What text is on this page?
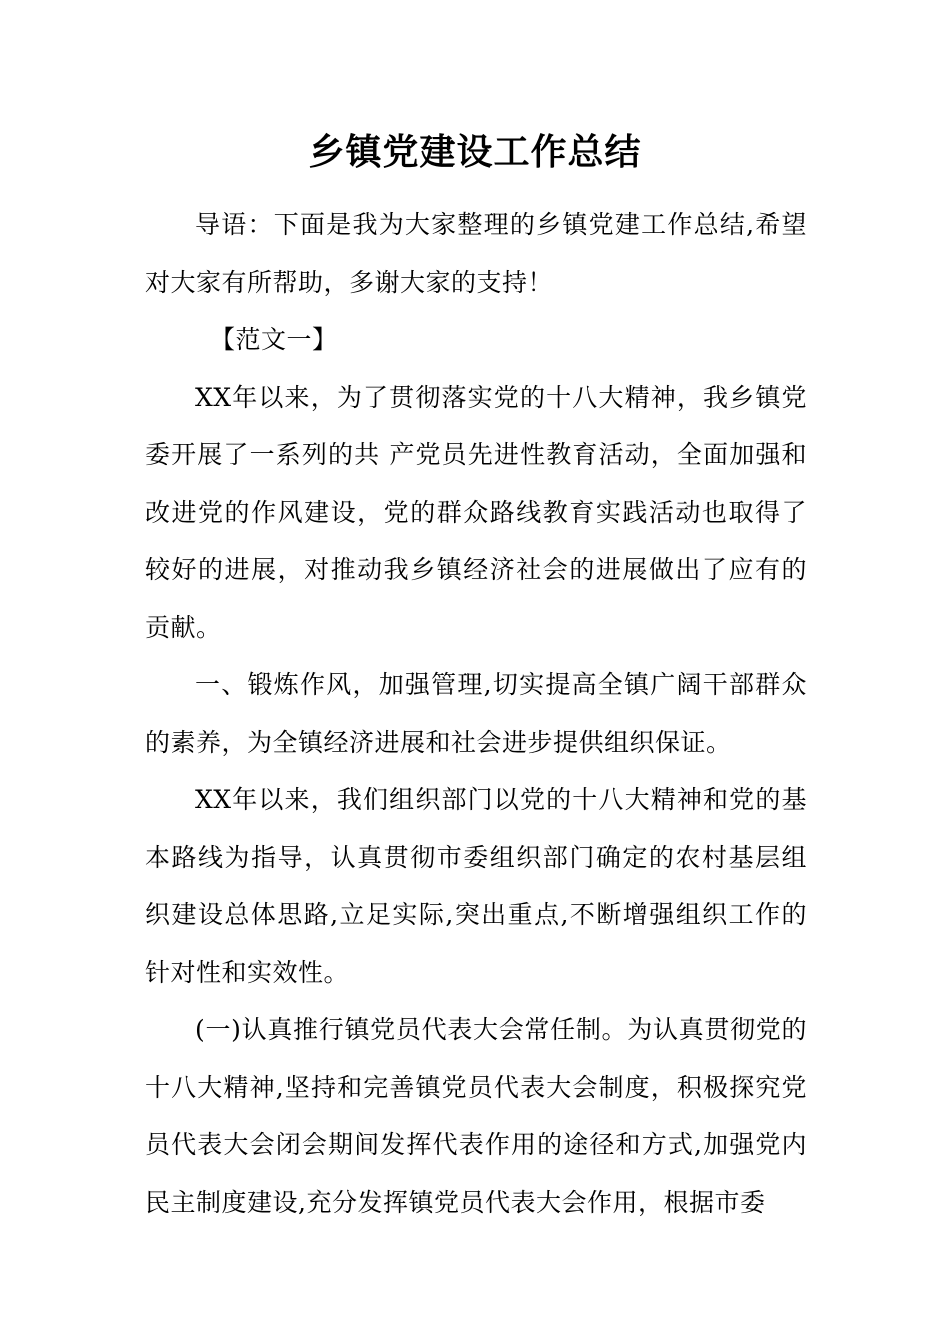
乡镇党建设工作总结

导语：下面是我为大家整理的乡镇党建工作总结,希望对大家有所帮助，多谢大家的支持！

【范文一】

XX年以来，为了贯彻落实党的十八大精神，我乡镇党委开展了一系列的共 产党员先进性教育活动，全面加强和改进党的作风建设，党的群众路线教育实践活动也取得了较好的进展，对推动我乡镇经济社会的进展做出了应有的贡献。

一、锻炼作风，加强管理,切实提高全镇广阔干部群众的素养，为全镇经济进展和社会进步提供组织保证。

XX年以来，我们组织部门以党的十八大精神和党的基本路线为指导，认真贯彻市委组织部门确定的农村基层组织建设总体思路,立足实际,突出重点,不断增强组织工作的针对性和实效性。

(一)认真推行镇党员代表大会常任制。为认真贯彻党的十八大精神,坚持和完善镇党员代表大会制度，积极探究党员代表大会闭会期间发挥代表作用的途径和方式,加强党内民主制度建设,充分发挥镇党员代表大会作用，根据市委
